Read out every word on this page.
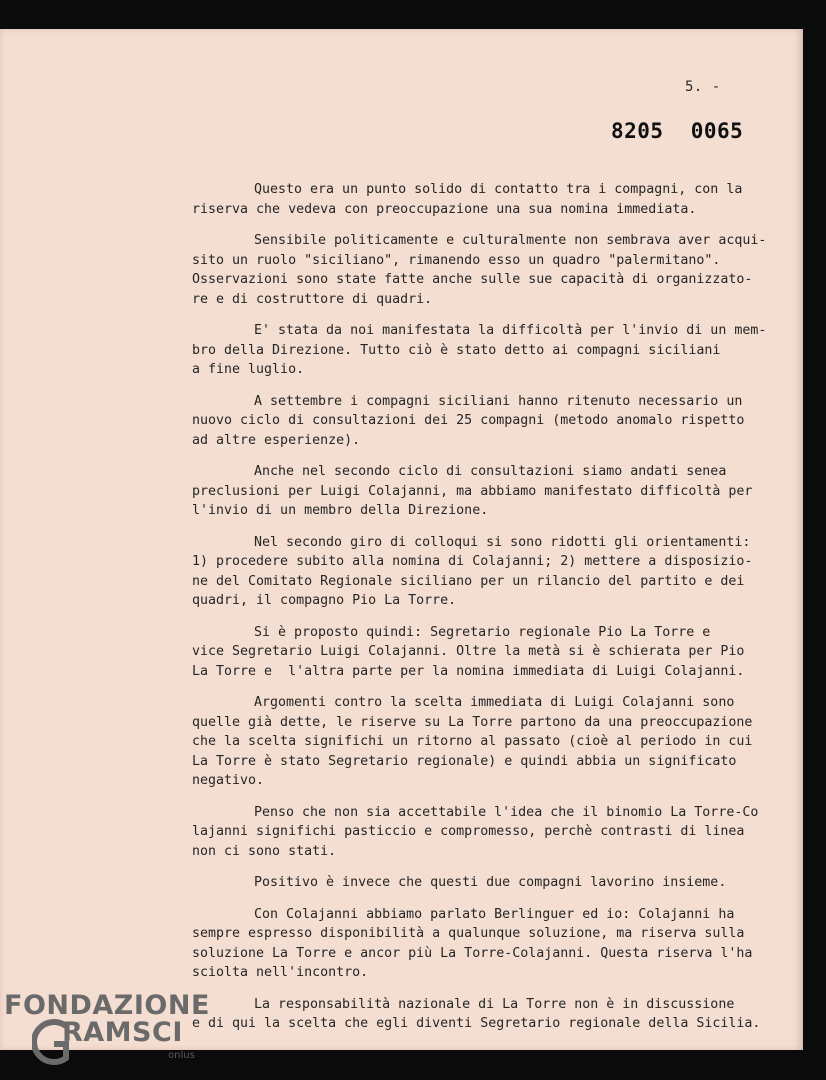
5. -
8205 0065
Questo era un punto solido di contatto tra i compagni, con la
riserva che vedeva con preoccupazione una sua nomina immediata.
Sensibile politicamente e culturalmente non sembrava aver acqui-
sito un ruolo "siciliano", rimanendo esso un quadro "palermitano".
Osservazioni sono state fatte anche sulle sue capacità di organizzato-
re e di costruttore di quadri.
E' stata da noi manifestata la difficoltà per l'invio di un mem-
bro della Direzione. Tutto ciò è stato detto ai compagni siciliani
a fine luglio.
A settembre i compagni siciliani hanno ritenuto necessario un
nuovo ciclo di consultazioni dei 25 compagni (metodo anomalo rispetto
ad altre esperienze).
Anche nel secondo ciclo di consultazioni siamo andati senea
preclusioni per Luigi Colajanni, ma abbiamo manifestato difficoltà per
l'invio di un membro della Direzione.
Nel secondo giro di colloqui si sono ridotti gli orientamenti:
1) procedere subito alla nomina di Colajanni; 2) mettere a disposizio-
ne del Comitato Regionale siciliano per un rilancio del partito e dei
quadri, il compagno Pio La Torre.
Si è proposto quindi: Segretario regionale Pio La Torre e
vice Segretario Luigi Colajanni. Oltre la metà si è schierata per Pio
La Torre e  l'altra parte per la nomina immediata di Luigi Colajanni.
Argomenti contro la scelta immediata di Luigi Colajanni sono
quelle già dette, le riserve su La Torre partono da una preoccupazione
che la scelta significhi un ritorno al passato (cioè al periodo in cui
La Torre è stato Segretario regionale) e quindi abbia un significato
negativo.
Penso che non sia accettabile l'idea che il binomio La Torre-Co
lajanni significhi pasticcio e compromesso, perchè contrasti di linea
non ci sono stati.
Positivo è invece che questi due compagni lavorino insieme.
Con Colajanni abbiamo parlato Berlinguer ed io: Colajanni ha
sempre espresso disponibilità a qualunque soluzione, ma riserva sulla
soluzione La Torre e ancor più La Torre-Colajanni. Questa riserva l'ha
sciolta nell'incontro.
La responsabilità nazionale di La Torre non è in discussione
e di qui la scelta che egli diventi Segretario regionale della Sicilia.
FONDAZIONE
RAMSCI
onlus
